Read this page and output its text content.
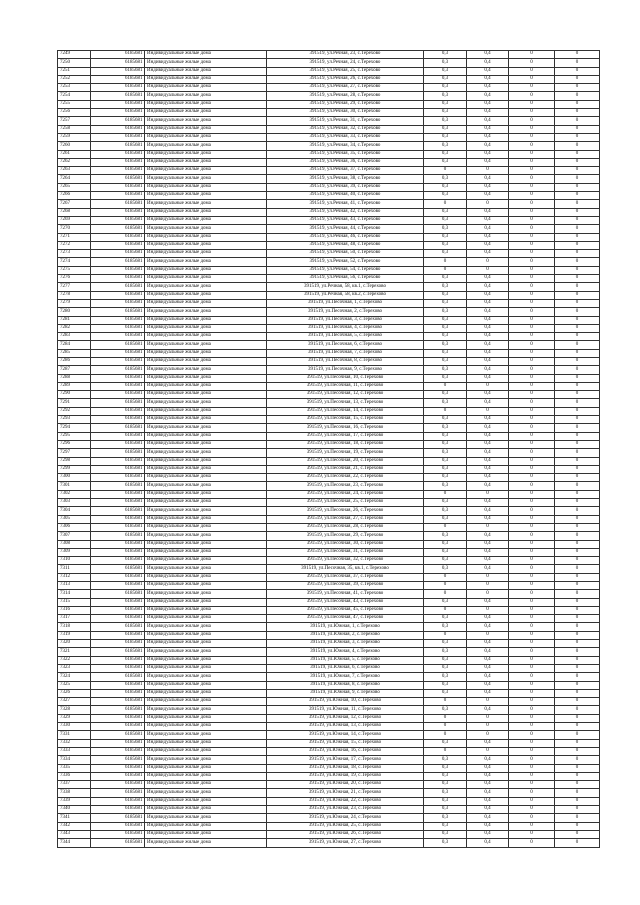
7249	6185681	Индивидуальные жилые дома	391519, ул.Речная, 23, с.Терехово	0,3	0,4	0	0
7250	6185681	Индивидуальные жилые дома	391519, ул.Речная, 24, с.Терехово	0,3	0,4	0	0
7251	6185681	Индивидуальные жилые дома	391519, ул.Речная, 25, с.Терехово	0,3	0,4	0	0
7252	6185681	Индивидуальные жилые дома	391519, ул.Речная, 26, с.Терехово	0,3	0,4	0	0
7253	6185681	Индивидуальные жилые дома	391519, ул.Речная, 27, с.Терехово	0,3	0,4	0	0
7254	6185681	Индивидуальные жилые дома	391519, ул.Речная, 28, с.Терехово	0,3	0,4	0	0
7255	6185681	Индивидуальные жилые дома	391519, ул.Речная, 29, с.Терехово	0,3	0,4	0	0
7256	6185681	Индивидуальные жилые дома	391519, ул.Речная, 30, с.Терехово	0,3	0,4	0	0
7257	6185681	Индивидуальные жилые дома	391519, ул.Речная, 31, с.Терехово	0,3	0,4	0	0
7258	6185681	Индивидуальные жилые дома	391519, ул.Речная, 32, с.Терехово	0,3	0,4	0	0
7259	6185681	Индивидуальные жилые дома	391519, ул.Речная, 33, с.Терехово	0,3	0,4	0	0
7260	6185681	Индивидуальные жилые дома	391519, ул.Речная, 34, с.Терехово	0,3	0,4	0	0
7261	6185681	Индивидуальные жилые дома	391519, ул.Речная, 35, с.Терехово	0,3	0,4	0	0
7262	6185681	Индивидуальные жилые дома	391519, ул.Речная, 36, с.Терехово	0,3	0,4	0	0
7263	6185681	Индивидуальные жилые дома	391519, ул.Речная, 37, с.Терехово	0	0	0	0
7264	6185681	Индивидуальные жилые дома	391519, ул.Речная, 38, с.Терехово	0,3	0,4	0	0
7265	6185681	Индивидуальные жилые дома	391519, ул.Речная, 39, с.Терехово	0,3	0,4	0	0
7266	6185681	Индивидуальные жилые дома	391519, ул.Речная, 40, с.Терехово	0,3	0,4	0	0
7267	6185681	Индивидуальные жилые дома	391519, ул.Речная, 41, с.Терехово	0	0	0	0
7268	6185681	Индивидуальные жилые дома	391519, ул.Речная, 42, с.Терехово	0,3	0,4	0	0
7269	6185681	Индивидуальные жилые дома	391519, ул.Речная, 43, с.Терехово	0,3	0,4	0	0
7270	6185681	Индивидуальные жилые дома	391519, ул.Речная, 44, с.Терехово	0,3	0,4	0	0
7271	6185681	Индивидуальные жилые дома	391519, ул.Речная, 46, с.Терехово	0,3	0,4	0	0
7272	6185681	Индивидуальные жилые дома	391519, ул.Речная, 48, с.Терехово	0,3	0,4	0	0
7273	6185681	Индивидуальные жилые дома	391519, ул.Речная, 50, с.Терехово	0,3	0,4	0	0
7274	6185681	Индивидуальные жилые дома	391519, ул.Речная, 52, с.Терехово	0	0	0	0
7275	6185681	Индивидуальные жилые дома	391519, ул.Речная, 54, с.Терехово	0	0	0	0
7276	6185681	Индивидуальные жилые дома	391519, ул.Речная, 56, с.Терехово	0,3	0,4	0	0
7277	6185681	Индивидуальные жилые дома	391519, ул.Речная, 58, кв.1, с.Терехово	0,3	0,4	0	0
7278	6185681	Индивидуальные жилые дома	391519, ул.Речная, 58, кв.2, с.Терехово	0,3	0,4	0	0
7279	6185681	Индивидуальные жилые дома	391519, ул.Песочная, 1, с.Терехово	0,3	0,4	0	0
7280	6185681	Индивидуальные жилые дома	391519, ул.Песочная, 2, с.Терехово	0,3	0,4	0	0
7281	6185681	Индивидуальные жилые дома	391519, ул.Песочная, 3, с.Терехово	0,3	0,4	0	0
7282	6185681	Индивидуальные жилые дома	391519, ул.Песочная, 4, с.Терехово	0,3	0,4	0	0
7283	6185681	Индивидуальные жилые дома	391519, ул.Песочная, 5, с.Терехово	0,3	0,4	0	0
7284	6185681	Индивидуальные жилые дома	391519, ул.Песочная, 6, с.Терехово	0,3	0,4	0	0
7285	6185681	Индивидуальные жилые дома	391519, ул.Песочная, 7, с.Терехово	0,3	0,4	0	0
7286	6185681	Индивидуальные жилые дома	391519, ул.Песочная, 8, с.Терехово	0,3	0,4	0	0
7287	6185681	Индивидуальные жилые дома	391519, ул.Песочная, 9, с.Терехово	0,3	0,4	0	0
7288	6185681	Индивидуальные жилые дома	391519, ул.Песочная, 10, с.Терехово	0,3	0,4	0	0
7289	6185681	Индивидуальные жилые дома	391519, ул.Песочная, 11, с.Терехово	0	0	0	0
7290	6185681	Индивидуальные жилые дома	391519, ул.Песочная, 12, с.Терехово	0,3	0,4	0	0
7291	6185681	Индивидуальные жилые дома	391519, ул.Песочная, 13, с.Терехово	0,3	0,4	0	0
7292	6185681	Индивидуальные жилые дома	391519, ул.Песочная, 14, с.Терехово	0	0	0	0
7293	6185681	Индивидуальные жилые дома	391519, ул.Песочная, 15, с.Терехово	0,3	0,4	0	0
7294	6185681	Индивидуальные жилые дома	391519, ул.Песочная, 16, с.Терехово	0,3	0,4	0	0
7295	6185681	Индивидуальные жилые дома	391519, ул.Песочная, 17, с.Терехово	0,3	0,4	0	0
7296	6185681	Индивидуальные жилые дома	391519, ул.Песочная, 18, с.Терехово	0,3	0,4	0	0
7297	6185681	Индивидуальные жилые дома	391519, ул.Песочная, 19, с.Терехово	0,3	0,4	0	0
7298	6185681	Индивидуальные жилые дома	391519, ул.Песочная, 20, с.Терехово	0,3	0,4	0	0
7299	6185681	Индивидуальные жилые дома	391519, ул.Песочная, 21, с.Терехово	0,3	0,4	0	0
7300	6185681	Индивидуальные жилые дома	391519, ул.Песочная, 22, с.Терехово	0,3	0,4	0	0
7301	6185681	Индивидуальные жилые дома	391519, ул.Песочная, 23, с.Терехово	0,3	0,4	0	0
7302	6185681	Индивидуальные жилые дома	391519, ул.Песочная, 24, с.Терехово	0	0	0	0
7303	6185681	Индивидуальные жилые дома	391519, ул.Песочная, 25, с.Терехово	0,3	0,4	0	0
7304	6185681	Индивидуальные жилые дома	391519, ул.Песочная, 26, с.Терехово	0,3	0,4	0	0
7305	6185681	Индивидуальные жилые дома	391519, ул.Песочная, 27, с.Терехово	0,3	0,4	0	0
7306	6185681	Индивидуальные жилые дома	391519, ул.Песочная, 28, с.Терехово	0	0	0	0
7307	6185681	Индивидуальные жилые дома	391519, ул.Песочная, 29, с.Терехово	0,3	0,4	0	0
7308	6185681	Индивидуальные жилые дома	391519, ул.Песочная, 30, с.Терехово	0,3	0,4	0	0
7309	6185681	Индивидуальные жилые дома	391519, ул.Песочная, 31, с.Терехово	0,3	0,4	0	0
7310	6185681	Индивидуальные жилые дома	391519, ул.Песочная, 32, с.Терехово	0,3	0,4	0	0
7311	6185681	Индивидуальные жилые дома	391519, ул.Песочная, 35, кв.1, с.Терехово	0,3	0,4	0	0
7312	6185681	Индивидуальные жилые дома	391519, ул.Песочная, 37, с.Терехово	0	0	0	0
7313	6185681	Индивидуальные жилые дома	391519, ул.Песочная, 39, с.Терехово	0	0	0	0
7314	6185681	Индивидуальные жилые дома	391519, ул.Песочная, 41, с.Терехово	0	0	0	0
7315	6185681	Индивидуальные жилые дома	391519, ул.Песочная, 43, с.Терехово	0,3	0,4	0	0
7316	6185681	Индивидуальные жилые дома	391519, ул.Песочная, 45, с.Терехово	0	0	0	0
7317	6185681	Индивидуальные жилые дома	391519, ул.Песочная, 47, с.Терехово	0,3	0,4	0	0
7318	6185681	Индивидуальные жилые дома	391519, ул.Южная, 1, с.Терехово	0,3	0,4	0	0
7319	6185681	Индивидуальные жилые дома	391519, ул.Южная, 2, с.Терехово	0	0	0	0
7320	6185681	Индивидуальные жилые дома	391519, ул.Южная, 3, с.Терехово	0,3	0,4	0	0
7321	6185681	Индивидуальные жилые дома	391519, ул.Южная, 4, с.Терехово	0,3	0,4	0	0
7322	6185681	Индивидуальные жилые дома	391519, ул.Южная, 5, с.Терехово	0,3	0,4	0	0
7323	6185681	Индивидуальные жилые дома	391519, ул.Южная, 6, с.Терехово	0,3	0,4	0	0
7324	6185681	Индивидуальные жилые дома	391519, ул.Южная, 7, с.Терехово	0,3	0,4	0	0
7325	6185681	Индивидуальные жилые дома	391519, ул.Южная, 8, с.Терехово	0,3	0,4	0	0
7326	6185681	Индивидуальные жилые дома	391519, ул.Южная, 9, с.Терехово	0,3	0,4	0	0
7327	6185681	Индивидуальные жилые дома	391519, ул.Южная, 10, с.Терехово	0	0	0	0
7328	6185681	Индивидуальные жилые дома	391519, ул.Южная, 11, с.Терехово	0,3	0,4	0	0
7329	6185681	Индивидуальные жилые дома	391519, ул.Южная, 12, с.Терехово	0	0	0	0
7330	6185681	Индивидуальные жилые дома	391519, ул.Южная, 13, с.Терехово	0	0	0	0
7331	6185681	Индивидуальные жилые дома	391519, ул.Южная, 14, с.Терехово	0	0	0	0
7332	6185681	Индивидуальные жилые дома	391519, ул.Южная, 15, с.Терехово	0,3	0,4	0	0
7333	6185681	Индивидуальные жилые дома	391519, ул.Южная, 16, с.Терехово	0	0	0	0
7334	6185681	Индивидуальные жилые дома	391519, ул.Южная, 17, с.Терехово	0,3	0,4	0	0
7335	6185681	Индивидуальные жилые дома	391519, ул.Южная, 18, с.Терехово	0,3	0,4	0	0
7336	6185681	Индивидуальные жилые дома	391519, ул.Южная, 19, с.Терехово	0,3	0,4	0	0
7337	6185681	Индивидуальные жилые дома	391519, ул.Южная, 20, с.Терехово	0,3	0,4	0	0
7338	6185681	Индивидуальные жилые дома	391519, ул.Южная, 21, с.Терехово	0,3	0,4	0	0
7339	6185681	Индивидуальные жилые дома	391519, ул.Южная, 22, с.Терехово	0,3	0,4	0	0
7340	6185681	Индивидуальные жилые дома	391519, ул.Южная, 23, с.Терехово	0,3	0,4	0	0
7341	6185681	Индивидуальные жилые дома	391519, ул.Южная, 24, с.Терехово	0,3	0,4	0	0
7342	6185681	Индивидуальные жилые дома	391519, ул.Южная, 25, с.Терехово	0,3	0,4	0	0
7343	6185681	Индивидуальные жилые дома	391519, ул.Южная, 26, с.Терехово	0,3	0,4	0	0
7344	6185681	Индивидуальные жилые дома	391519, ул.Южная, 27, с.Терехово	0,3	0,4	0	0
